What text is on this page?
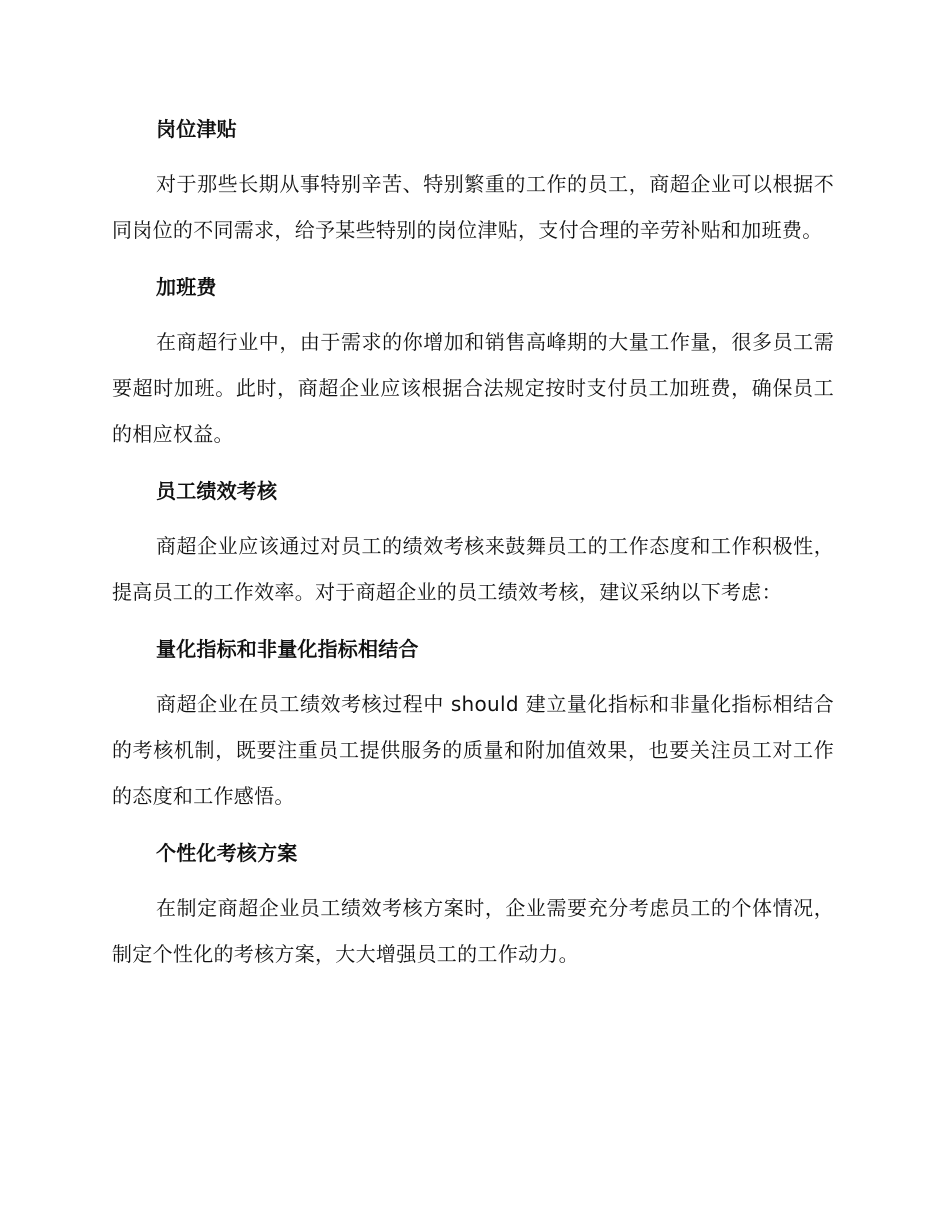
岗位津贴

对于那些长期从事特别辛苦、特别繁重的工作的员工，商超企业可以根据不同岗位的不同需求，给予某些特别的岗位津贴，支付合理的辛劳补贴和加班费。

加班费

在商超行业中，由于需求的你增加和销售高峰期的大量工作量，很多员工需要超时加班。此时，商超企业应该根据合法规定按时支付员工加班费，确保员工的相应权益。

员工绩效考核

商超企业应该通过对员工的绩效考核来鼓舞员工的工作态度和工作积极性，提高员工的工作效率。对于商超企业的员工绩效考核，建议采纳以下考虑：

量化指标和非量化指标相结合

商超企业在员工绩效考核过程中 should 建立量化指标和非量化指标相结合的考核机制，既要注重员工提供服务的质量和附加值效果，也要关注员工对工作的态度和工作感悟。

个性化考核方案

在制定商超企业员工绩效考核方案时，企业需要充分考虑员工的个体情况，制定个性化的考核方案，大大增强员工的工作动力。
